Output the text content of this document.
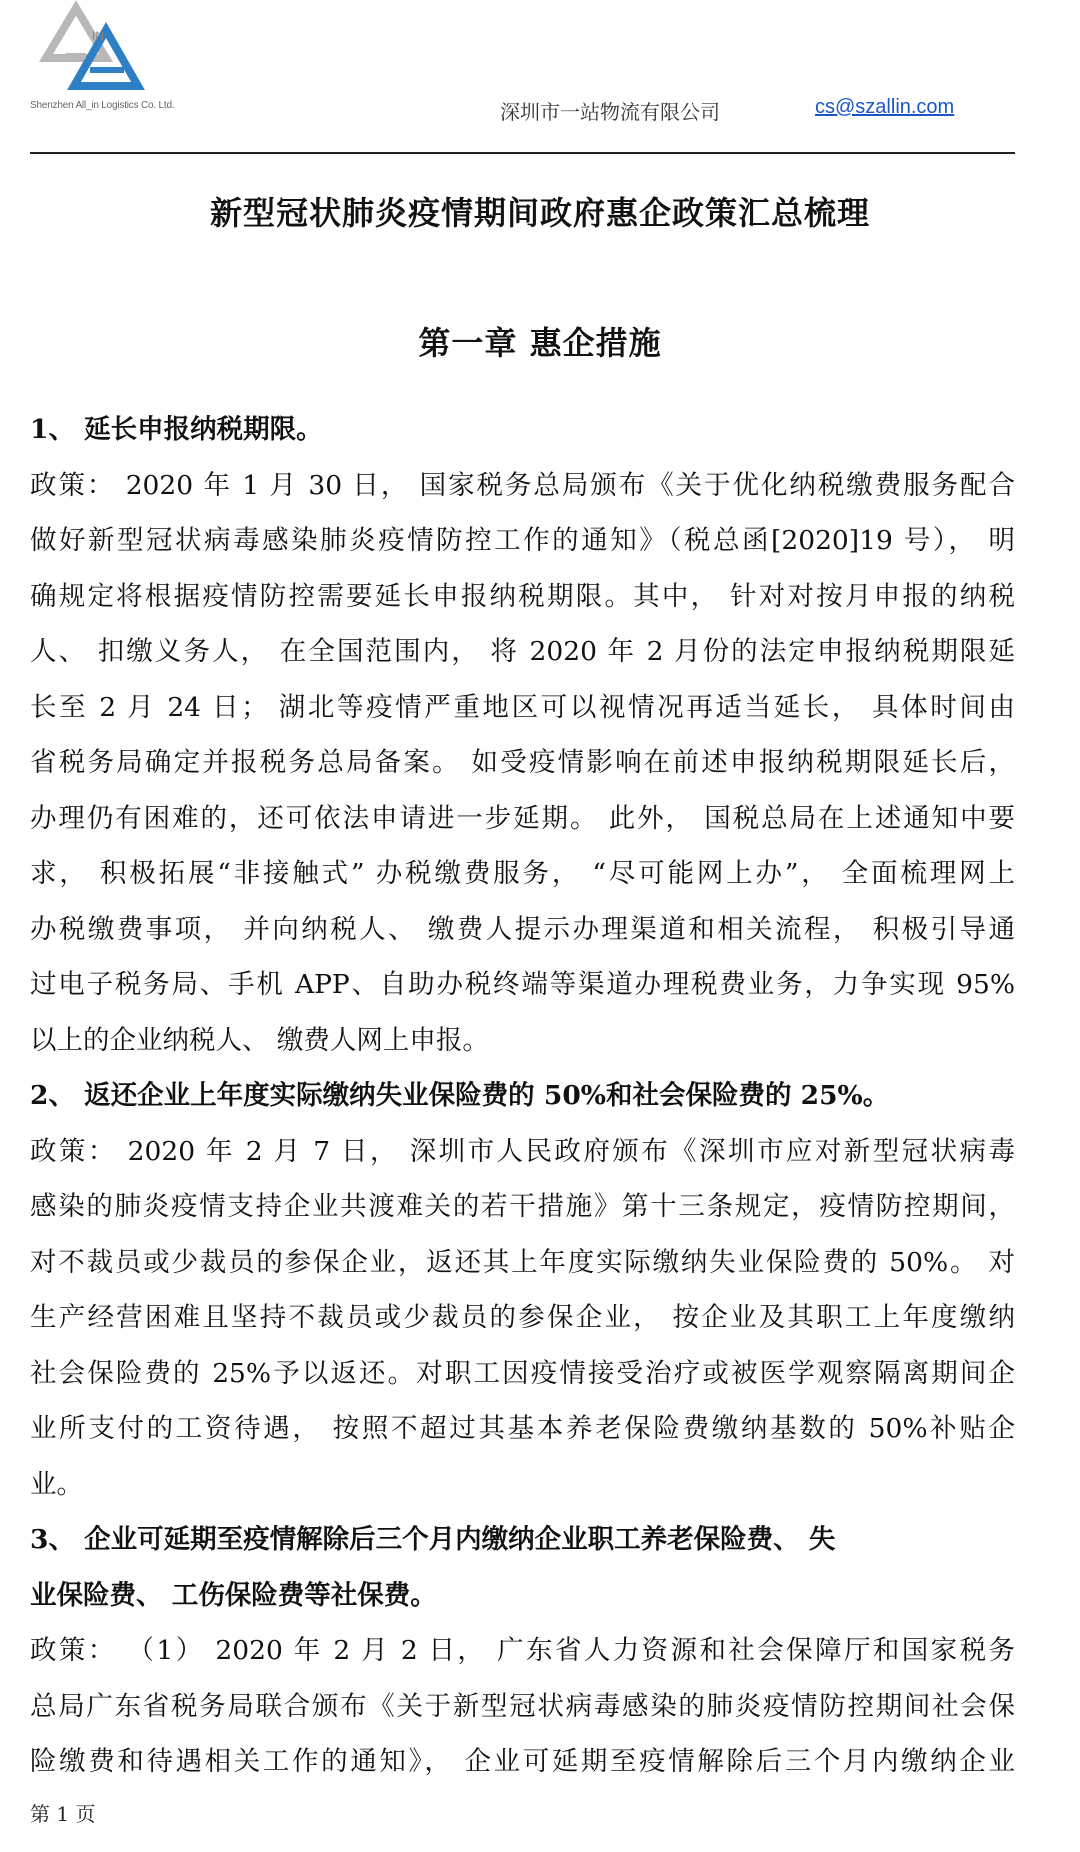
IN
Shenzhen All_in Logistics Co. Ltd.	深圳市一站物流有限公司	cs@szallin.com
新型冠状肺炎疫情期间政府惠企政策汇总梳理
第一章 惠企措施
1、 延长申报纳税期限。
政策： 2020 年 1 月 30 日， 国家税务总局颁布《关于优化纳税缴费服务配合
做好新型冠状病毒感染肺炎疫情防控工作的通知》（税总函[2020]19 号）， 明
确规定将根据疫情防控需要延长申报纳税期限。其中， 针对对按月申报的纳税
人、 扣缴义务人， 在全国范围内， 将 2020 年 2 月份的法定申报纳税期限延
长至 2 月 24 日； 湖北等疫情严重地区可以视情况再适当延长， 具体时间由
省税务局确定并报税务总局备案。 如受疫情影响在前述申报纳税期限延长后，
办理仍有困难的，还可依法申请进一步延期。 此外， 国税总局在上述通知中要
求， 积极拓展“非接触式” 办税缴费服务， “尽可能网上办”， 全面梳理网上
办税缴费事项， 并向纳税人、 缴费人提示办理渠道和相关流程， 积极引导通
过电子税务局、手机 APP、自助办税终端等渠道办理税费业务，力争实现 95%
以上的企业纳税人、 缴费人网上申报。
2、 返还企业上年度实际缴纳失业保险费的 50%和社会保险费的 25%。
政策： 2020 年 2 月 7 日， 深圳市人民政府颁布《深圳市应对新型冠状病毒
感染的肺炎疫情支持企业共渡难关的若干措施》第十三条规定，疫情防控期间，
对不裁员或少裁员的参保企业，返还其上年度实际缴纳失业保险费的 50%。 对
生产经营困难且坚持不裁员或少裁员的参保企业， 按企业及其职工上年度缴纳
社会保险费的 25%予以返还。对职工因疫情接受治疗或被医学观察隔离期间企
业所支付的工资待遇， 按照不超过其基本养老保险费缴纳基数的 50%补贴企
业。
3、 企业可延期至疫情解除后三个月内缴纳企业职工养老保险费、 失
业保险费、 工伤保险费等社保费。
政策： （1） 2020 年 2 月 2 日， 广东省人力资源和社会保障厅和国家税务
总局广东省税务局联合颁布《关于新型冠状病毒感染的肺炎疫情防控期间社会保
险缴费和待遇相关工作的通知》， 企业可延期至疫情解除后三个月内缴纳企业
第 1 页
